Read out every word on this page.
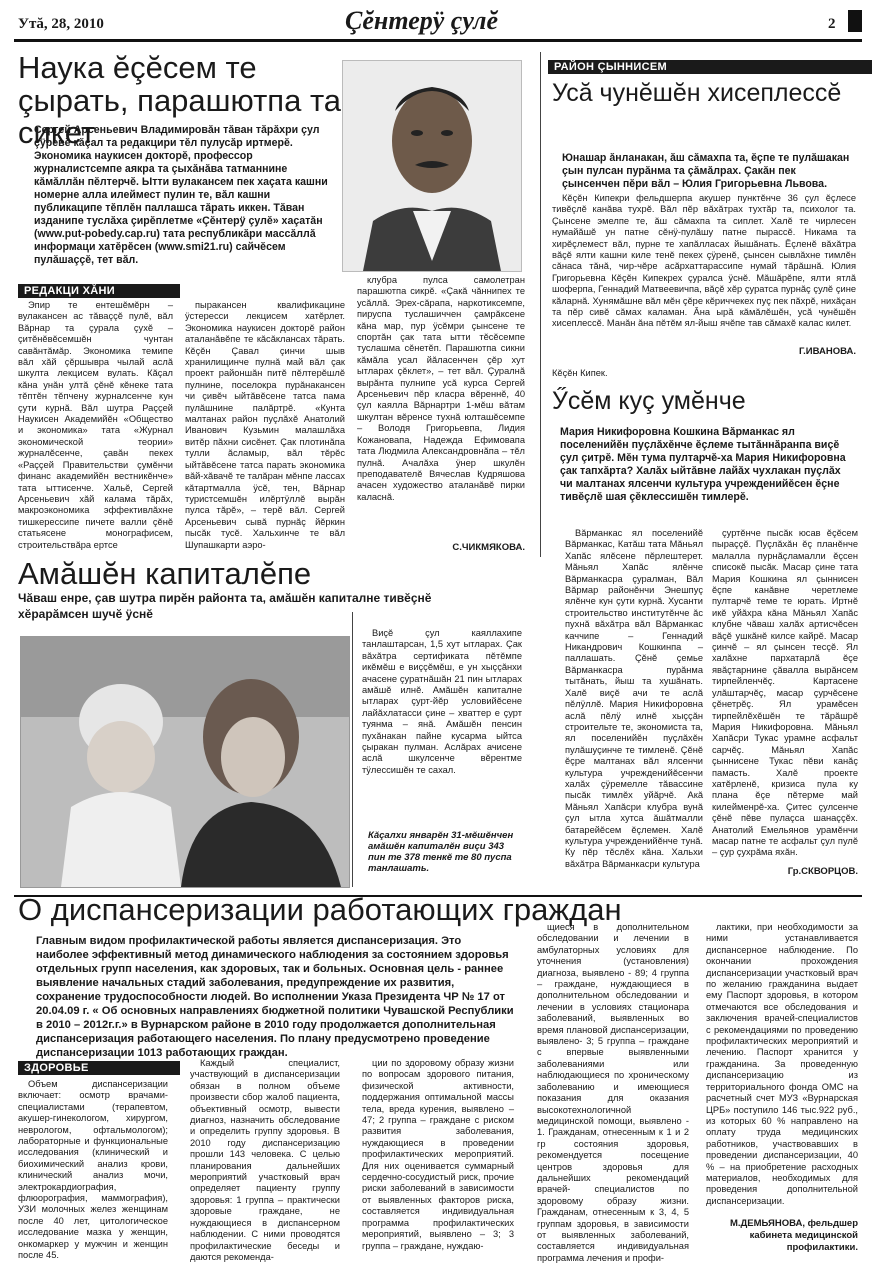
Утă, 28, 2010	Çĕнтерÿ çулĕ	2
Наука ĕçĕсем те çырать, парашютпа та сикет
Сергей Арсеньевич Владимировăн тăван тăрăхри çул çÿревĕ кăçал та редакцири тĕл пулусăр иртмерĕ. Экономика наукисен докторĕ, профессор журналистсемпе аякра та çыхăнăва татманнине кăмăллăн пĕлтерчĕ. Ытти вулакансем пек хаçата кашни номерне алла илеймест пулин те, вăл кашни публикаципе тĕплĕн паллашса тăрать иккен. Тăван изданипе туслăха çирĕплетме «Çĕнтерÿ çулĕ» хаçатăн (www.put-pobedy.cap.ru) тата республикăри массăллă информаци хатĕрĕсен (www.smi21.ru) сайчĕсем пулăшаççĕ, тет вăл.
РЕДАКЦИ ХĂНИ

Эпир те ентешĕмĕрн – вулакансен ас тăваççĕ пулĕ, вăл Вăрнар та çурала çухĕ – çитĕнĕвĕсемшĕн чунтан савăнтăмăр. Экономика темипе вăл хăй çĕршывра чылай аслă шкулта лекцисем вулать. Кăçал кăна унăн ултă çĕнĕ кĕнеке тата тĕптĕн тĕпчену журналсенче кун çути курнă. Вăл шутра Раççей Наукисен Академийĕн «Общество и экономика» тата «Журнал экономической теории» журналĕсенче, çавăн пекех «Раççей Правительстви çумĕнчи финанс академийĕн вестникĕнче» тата ыттисенче. Хальĕ, Сергей Арсеньевич хăй калама тăрăх, макроэкономика эффективлăхне тишкерессипе пичете валли çĕнĕ статьясене монографисем, строительствăра ертсе

пыракансен квалификацине ÿстересси лекцисем хатĕрлет. Экономика наукисен докторĕ район аталанăвĕпе те кăсăклансах тăрать. Кĕçĕн Çавал çинчи шыв хранилищинче пулнă май вăл çак проект районшăн питĕ пĕлтерĕшлĕ пулнине, поселокра пурăнакансен чи çивĕч ыйтăвĕсене татса пама пулăшнине палăртрĕ. «Кунта малтанах район пуçлăхĕ Анатолий Иванович Кузьмин малашлăха витĕр пăхни сисĕнет. Çак плотинăпа тулли ăсламыр, вăл тĕрĕс ыйтăвĕсене татса парать экономика вăй-хăвачĕ те талăран мĕнпе лассах кăтартмалла ÿсĕ, тен, Вăрнар туристсемшĕн илĕртÿллĕ вырăн пулса тăрĕ», – терĕ вăл. Сергей Арсеньевич сывă пурнăç йĕркин пысăк тусĕ. Хальхинче те вăл Шупашкарти аэро-

клубра пулса самолетран парашютпа сикрĕ. «Çакă чăннипех те усăллă. Эрех-сăрапа, наркотиксемпе, пируспа туслашиччен çамрăксене кăна мар, пур ÿсĕмри çынсене те спортăн çак тата ытти тĕсĕсемпе туслашма сĕнетĕп. Парашютпа сикни кăмăла усал йăласенчен çĕр хут ытларах çĕклет», – тет вăл. Çуралнă вырăнта пулнипе усă курса Сергей Арсеньевич пĕр класра вĕреннĕ, 40 çул каялла Вăрнартри 1-мĕш вăтам шкултан вĕренсе тухнă юлташĕсемпе – Володя Григорьевпа, Лидия Кожановапа, Надежда Ефимовапа тата Людмила Александровнăпа – тĕл пулнă. Ачалăха ÿнер шкулĕн преподавателĕ Вячеслав Кудряшова ачасен художество аталанăвĕ пирки каласнă.

С.ЧИКМЯКОВА.
РАЙОН ÇЫННИСЕМ
Усă чунĕшĕн хисеплессĕ
Юнашар ăнланакан, ăш сăмахпа та, ĕçпе те пулăшакан çын пулсан пурăнма та çăмăлрах. Çакăн пек çынсенчен пĕри вăл – Юлия Григорьевна Львова.

Кĕçĕн Кипекри фельдшерпа акушер пунктĕнче 36 çул ĕçлесе тивĕçлĕ канăва тухрĕ. Вăл пĕр вăхăтрах тухтăр та, психолог та. Çынсене эмелпе те, ăш сăмахпа та сиплет. Халĕ те чирлесен нумайăшĕ ун патне сĕнÿ-пулăшу патне пырассĕ. Никама та хирĕçлемест вăл, пурне те хапăлласах йышăнать. Ĕçленĕ вăхăтра вăçĕ ялти кашни киле тенĕ пекех çÿренĕ, çынсен сывлăхне тимлĕн сăнаса тăнă, чир-чĕре асăрхаттарассипе нумай тăрăшнă. Юлия Григорьевна Кĕçĕн Кипекрех çуралса ÿснĕ. Мăшăрĕпе, ялти ятлă шоферпа, Геннадий Матвеевичпа, вăçĕ хĕр çуратса пурнăç çулĕ çине кăларнă. Хунямăшне вăл мĕн çĕре кĕриччекех пуç пек пăхрĕ, нихăçан та пĕр сивĕ сăмах каламан. Ăна ырă кăмăлĕшĕн, усă чунĕшĕн хисеплессĕ. Манăн ăна пĕтĕм ял-йыш ячĕпе тав сăмахĕ калас килет.

Г.ИВАНОВА.
Кĕçĕн Кипек.
Ӳсĕм куç умĕнче
Мария Никифоровна Кошкина Вăрманкас ял поселенийĕн пуçлăхĕнче ĕçлеме тытăннăранпа виçĕ çул çитрĕ. Мĕн тума пултарчĕ-ха Мария Никифоровна çак тапхăрта? Халăх ыйтăвне лайăх чухлакан пуçлăх чи малтанах ялсенчи культура учрежденийĕсен ĕçне тивĕçлĕ шая çĕклессишĕн тимлерĕ.

Вăрманкас ял поселенийĕ Вăрманкас, Катăш тата Мăньял Хапăс ялĕсене пĕрлештерет. Мăньял Хапăс ялĕнче Вăрманкасра çуралман, Вăл Вăрмар районĕнчи Энешпуç ялĕнче кун çути курнă. Хусанти строительство институтĕнче ăс пухнă вăхăтра вăл Вăрманкас каччипе – Геннадий Никандрович Кошкинпа – паллашать. Çĕнĕ çемье Вăрманкасра пурăнма тытăнать, йыш та хушăнать. Халĕ виçĕ ачи те аслă пĕлÿллĕ. Мария Никифоровна аслă пĕлÿ илнĕ хыççăн строительте те, экономиста та, ял поселенийĕн пуçлăхĕн пулăшуçинче те тимленĕ. Çĕнĕ ĕçре малтанах вăл ялсенчи культура учрежденийĕсенчи халăх çÿремелле тăвассине пысăк тимлĕх уйăрчĕ. Акă Мăньял Хапăсри клубра вунă çул ытла хутса ăшăтмалли батарейĕсем ĕçлемен. Халĕ культура учрежденийĕнче тунă. Ку пĕр тĕслĕх кăна. Хальхи вăхăтра Вăрманкасри культура

çуртĕнче пысăк юсав ĕçĕсем пыраççĕ. Пуçлăхăн ĕç планĕнче малалла пурнăçламалли ĕçсен списокĕ пысăк. Масар çине тата Мария Кошкина ял çыннисен ĕçпе канăвне черетлеме пултарчĕ теме те юрать. Иртнĕ икĕ уйăхра кăна Мăньял Хапăс клубне чăваш халăх артисчĕсен вăçĕ ушкăнĕ килсе кайрĕ. Масар çинчĕ – ял çынсен тесçĕ. Ял халăхне пархатарлă ĕçе явăçтарнине çăвалла вырăнсем тирпейленчĕç. Картасене улăштарчĕç, масар çурчĕсене çĕнетрĕç. Ял урамĕсен тирпейлĕхĕшĕн те тăрăшрĕ Мария Никифоровна. Мăньял Хапăсри Тукас урамне асфальт сарчĕç. Мăньял Хапăс çыннисене Тукас пĕви канăç памасть. Халĕ проекте хатĕрленĕ, кризиса пула ку плана ĕçе пĕтерме май килейменрĕ-ха. Çитес çулсенче çĕнĕ пĕве пулаçса шанаççĕх. Анатолий Емельянов урамĕнчи масар патне те асфальт çул пулĕ – çур çухрăма яхăн.

Гр.СКВОРЦОВ.
Амăшĕн капиталĕпе
Чăваш енре, çав шутра пирĕн районта та, амăшĕн капиталне тивĕçнĕ хĕрарăмсен шучĕ ÿснĕ

Виçĕ çул каяллахипе танлаштарсан, 1,5 хут ытларах. Çак вăхăтра сертификата пĕтĕмпе икĕмĕш е виççĕмĕш, е ун хыççăнхи ачасене çуратнăшăн 21 пин ытларах амăшĕ илнĕ. Амăшĕн капиталне ытларах çурт-йĕр условийĕсене лайăхлатасси çине – хваттер е çурт туянма – янă. Амăшĕн пенсин пухăнакан пайне кусарма ыйтса çыракан пулман. Аслăрах ачисене аслă шкулсенче вĕрентме тÿлессишĕн те сахал.

Кăçалхи январĕн 31-мĕшĕнчен амăшĕн капиталĕн виçи 343 пин те 378 тенкĕ те 80 пуспа танлашать.
О диспансеризации работающих граждан
Главным видом профилактической работы является диспансеризация. Это наиболее эффективный метод динамического наблюдения за состоянием здоровья отдельных групп населения, как здоровых, так и больных. Основная цель - раннее выявление начальных стадий заболевания, предупреждение их развития, сохранение трудоспособности людей. Во исполнении Указа Президента ЧР № 17 от 20.04.09 г. « Об основных направлениях бюджетной политики Чувашской Республики в 2010 – 2012г.г.» в Вурнарском районе в 2010 году продолжается дополнительная диспансеризация работающего населения. По плану предусмотрено проведение диспансеризации 1013 работающих граждан.
ЗДОРОВЬЕ

Объем диспансеризации включает: осмотр врачами-специалистами (терапевтом, акушер-гинекологом, хирургом, неврологом, офтальмологом); лабораторные и функциональные исследования (клинический и биохимический анализ крови, клинический анализ мочи, электрокардиография, флюорография, маммография), УЗИ молочных желез женщинам после 40 лет, цитологическое исследование мазка у женщин, онкомаркер у мужчин и женщин после 45.

Каждый специалист, участвующий в диспансеризации обязан в полном объеме произвести сбор жалоб пациента, объективный осмотр, вывести диагноз, назначить обследование и определить группу здоровья. В 2010 году диспансеризацию прошли 143 человека. С целью планирования дальнейших мероприятий участковый врач определяет пациенту группу здоровья: 1 группа – практически здоровые граждане, не нуждающиеся в диспансерном наблюдении. С ними проводятся профилактические беседы и даются рекоменда-

ции по здоровому образу жизни по вопросам здорового питания, физической активности, поддержания оптимальной массы тела, вреда курения, выявлено – 47; 2 группа – граждане с риском развития заболевания, нуждающиеся в проведении профилактических мероприятий. Для них оценивается суммарный сердечно-сосудистый риск, прочие риски заболеваний в зависимости от выявленных факторов риска, составляется индивидуальная программа профилактических мероприятий, выявлено – 3; 3 группа – граждане, нуждаю-

щиеся в дополнительном обследовании и лечении в амбулаторных условиях для уточнения (установления) диагноза, выявлено - 89; 4 группа – граждане, нуждающиеся в дополнительном обследовании и лечении в условиях стационара заболеваний, выявленных во время плановой диспансеризации, выявлено- 3; 5 группа – граждане с впервые выявленными заболеваниями или наблюдающиеся по хроническому заболеванию и имеющиеся показания для оказания высокотехнологичной медицинской помощи, выявлено - 1. Гражданам, отнесенным к 1 и 2 гр состояния здоровья, рекомендуется посещение центров здоровья для дальнейших рекомендаций врачей- специалистов по здоровому образу жизни. Гражданам, отнесенным к 3, 4, 5 группам здоровья, в зависимости от выявленных заболеваний, составляется индивидуальная программа лечения и профи-

лактики, при необходимости за ними устанавливается диспансерное наблюдение. По окончании прохождения диспансеризации участковый врач по желанию гражданина выдает ему Паспорт здоровья, в котором отмечаются все обследования и заключения врачей-специалистов с рекомендациями по проведению профилактических мероприятий и лечению. Паспорт хранится у гражданина. За проведенную диспансеризацию из территориального фонда ОМС на расчетный счет МУЗ «Вурнарская ЦРБ» поступило 146 тыс.922 руб., из которых 60 % направлено на оплату труда медицинских работников, участвовавших в проведении диспансеризации, 40 % – на приобретение расходных материалов, необходимых для проведения дополнительной диспансеризации.

М.ДЕМЬЯНОВА, фельдшер кабинета медицинской профилактики.
